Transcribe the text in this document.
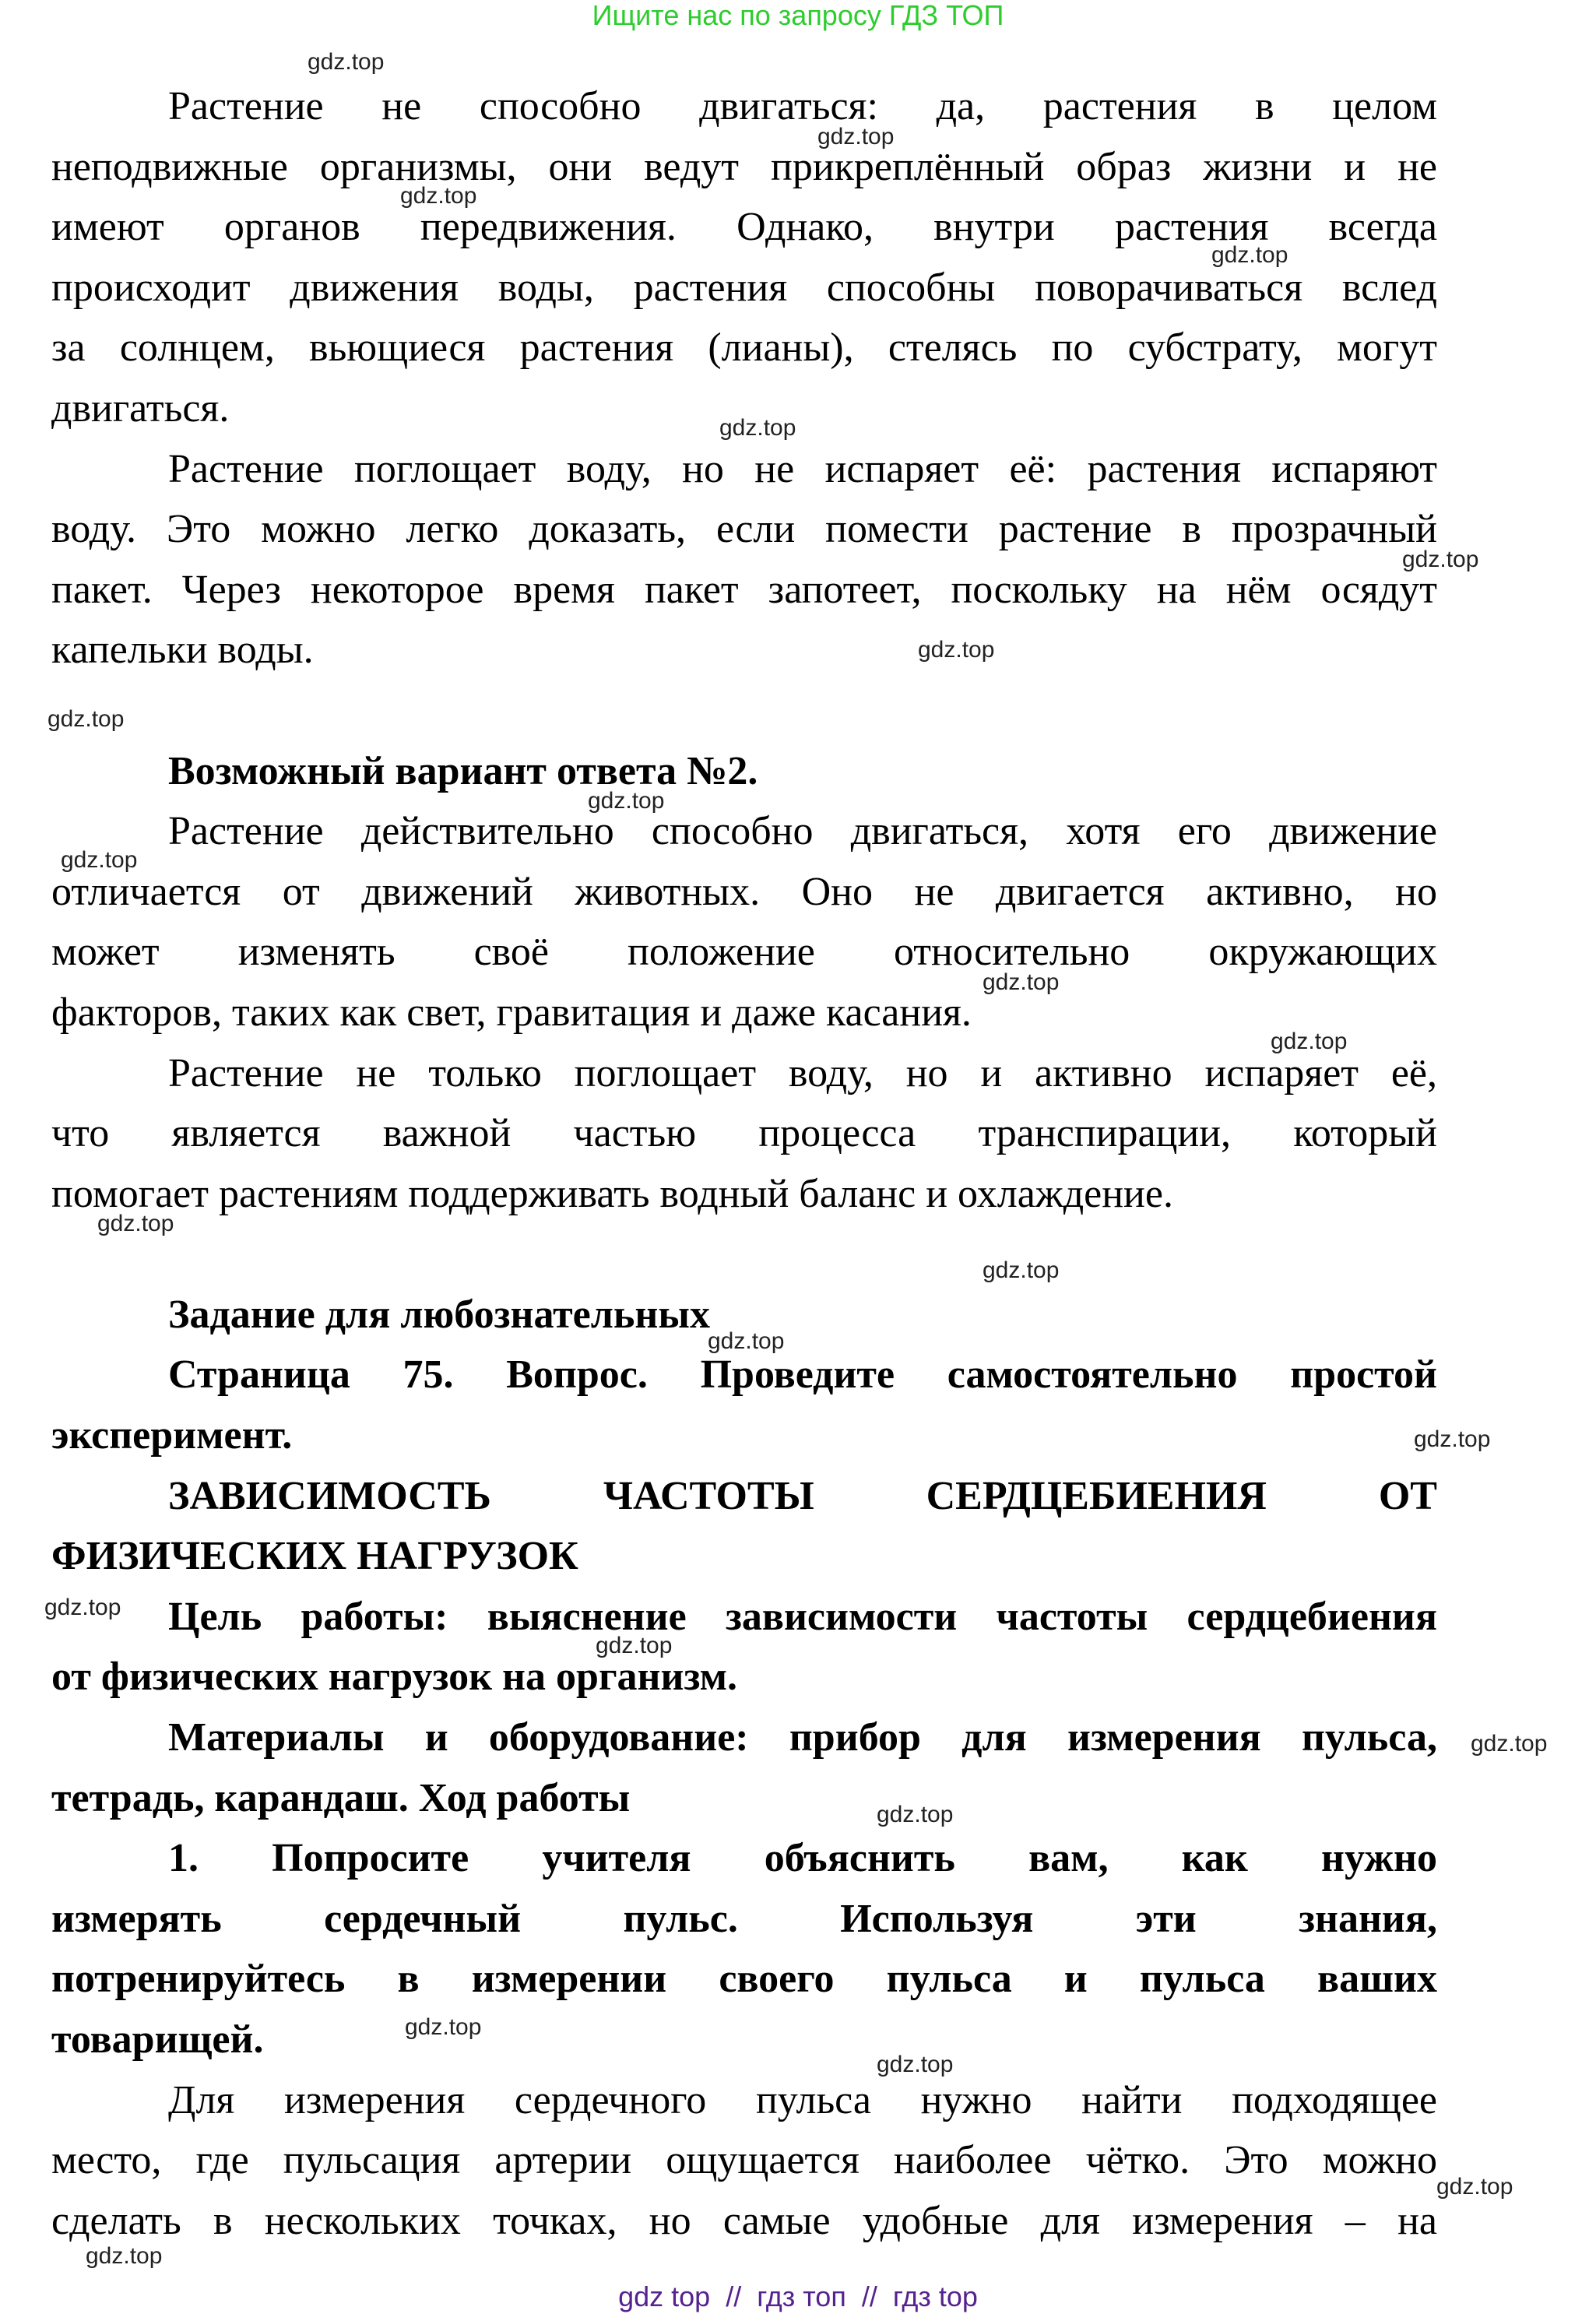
Ищите нас по запросу ГДЗ ТОП
Растение не способно двигаться: да, растения в целом
неподвижные организмы, они ведут прикреплённый образ жизни и не
имеют органов передвижения. Однако, внутри растения всегда
происходит движения воды, растения способны поворачиваться вслед
за солнцем, вьющиеся растения (лианы), стелясь по субстрату, могут
двигаться.
Растение поглощает воду, но не испаряет её: растения испаряют
воду. Это можно легко доказать, если помести растение в прозрачный
пакет. Через некоторое время пакет запотеет, поскольку на нём осядут
капельки воды.
Возможный вариант ответа №2.
Растение действительно способно двигаться, хотя его движение
отличается от движений животных. Оно не двигается активно, но
может изменять своё положение относительно окружающих
факторов, таких как свет, гравитация и даже касания.
Растение не только поглощает воду, но и активно испаряет её,
что является важной частью процесса транспирации, который
помогает растениям поддерживать водный баланс и охлаждение.
Задание для любознательных
Страница 75. Вопрос. Проведите самостоятельно простой
эксперимент.
ЗАВИСИМОСТЬ ЧАСТОТЫ СЕРДЦЕБИЕНИЯ ОТ
ФИЗИЧЕСКИХ НАГРУЗОК
Цель работы: выяснение зависимости частоты сердцебиения
от физических нагрузок на организм.
Материалы и оборудование: прибор для измерения пульса,
тетрадь, карандаш. Ход работы
1. Попросите учителя объяснить вам, как нужно
измерять сердечный пульс. Используя эти знания,
потренируйтесь в измерении своего пульса и пульса ваших
товарищей.
Для измерения сердечного пульса нужно найти подходящее
место, где пульсация артерии ощущается наиболее чётко. Это можно
сделать в нескольких точках, но самые удобные для измерения – на
gdz.top
gdz.top
gdz.top
gdz.top
gdz.top
gdz.top
gdz.top
gdz.top
gdz.top
gdz.top
gdz.top
gdz.top
gdz.top
gdz.top
gdz.top
gdz.top
gdz.top
gdz.top
gdz.top
gdz.top
gdz.top
gdz.top
gdz.top
gdz.top
gdz top  //  гдз топ  //  гдз top
